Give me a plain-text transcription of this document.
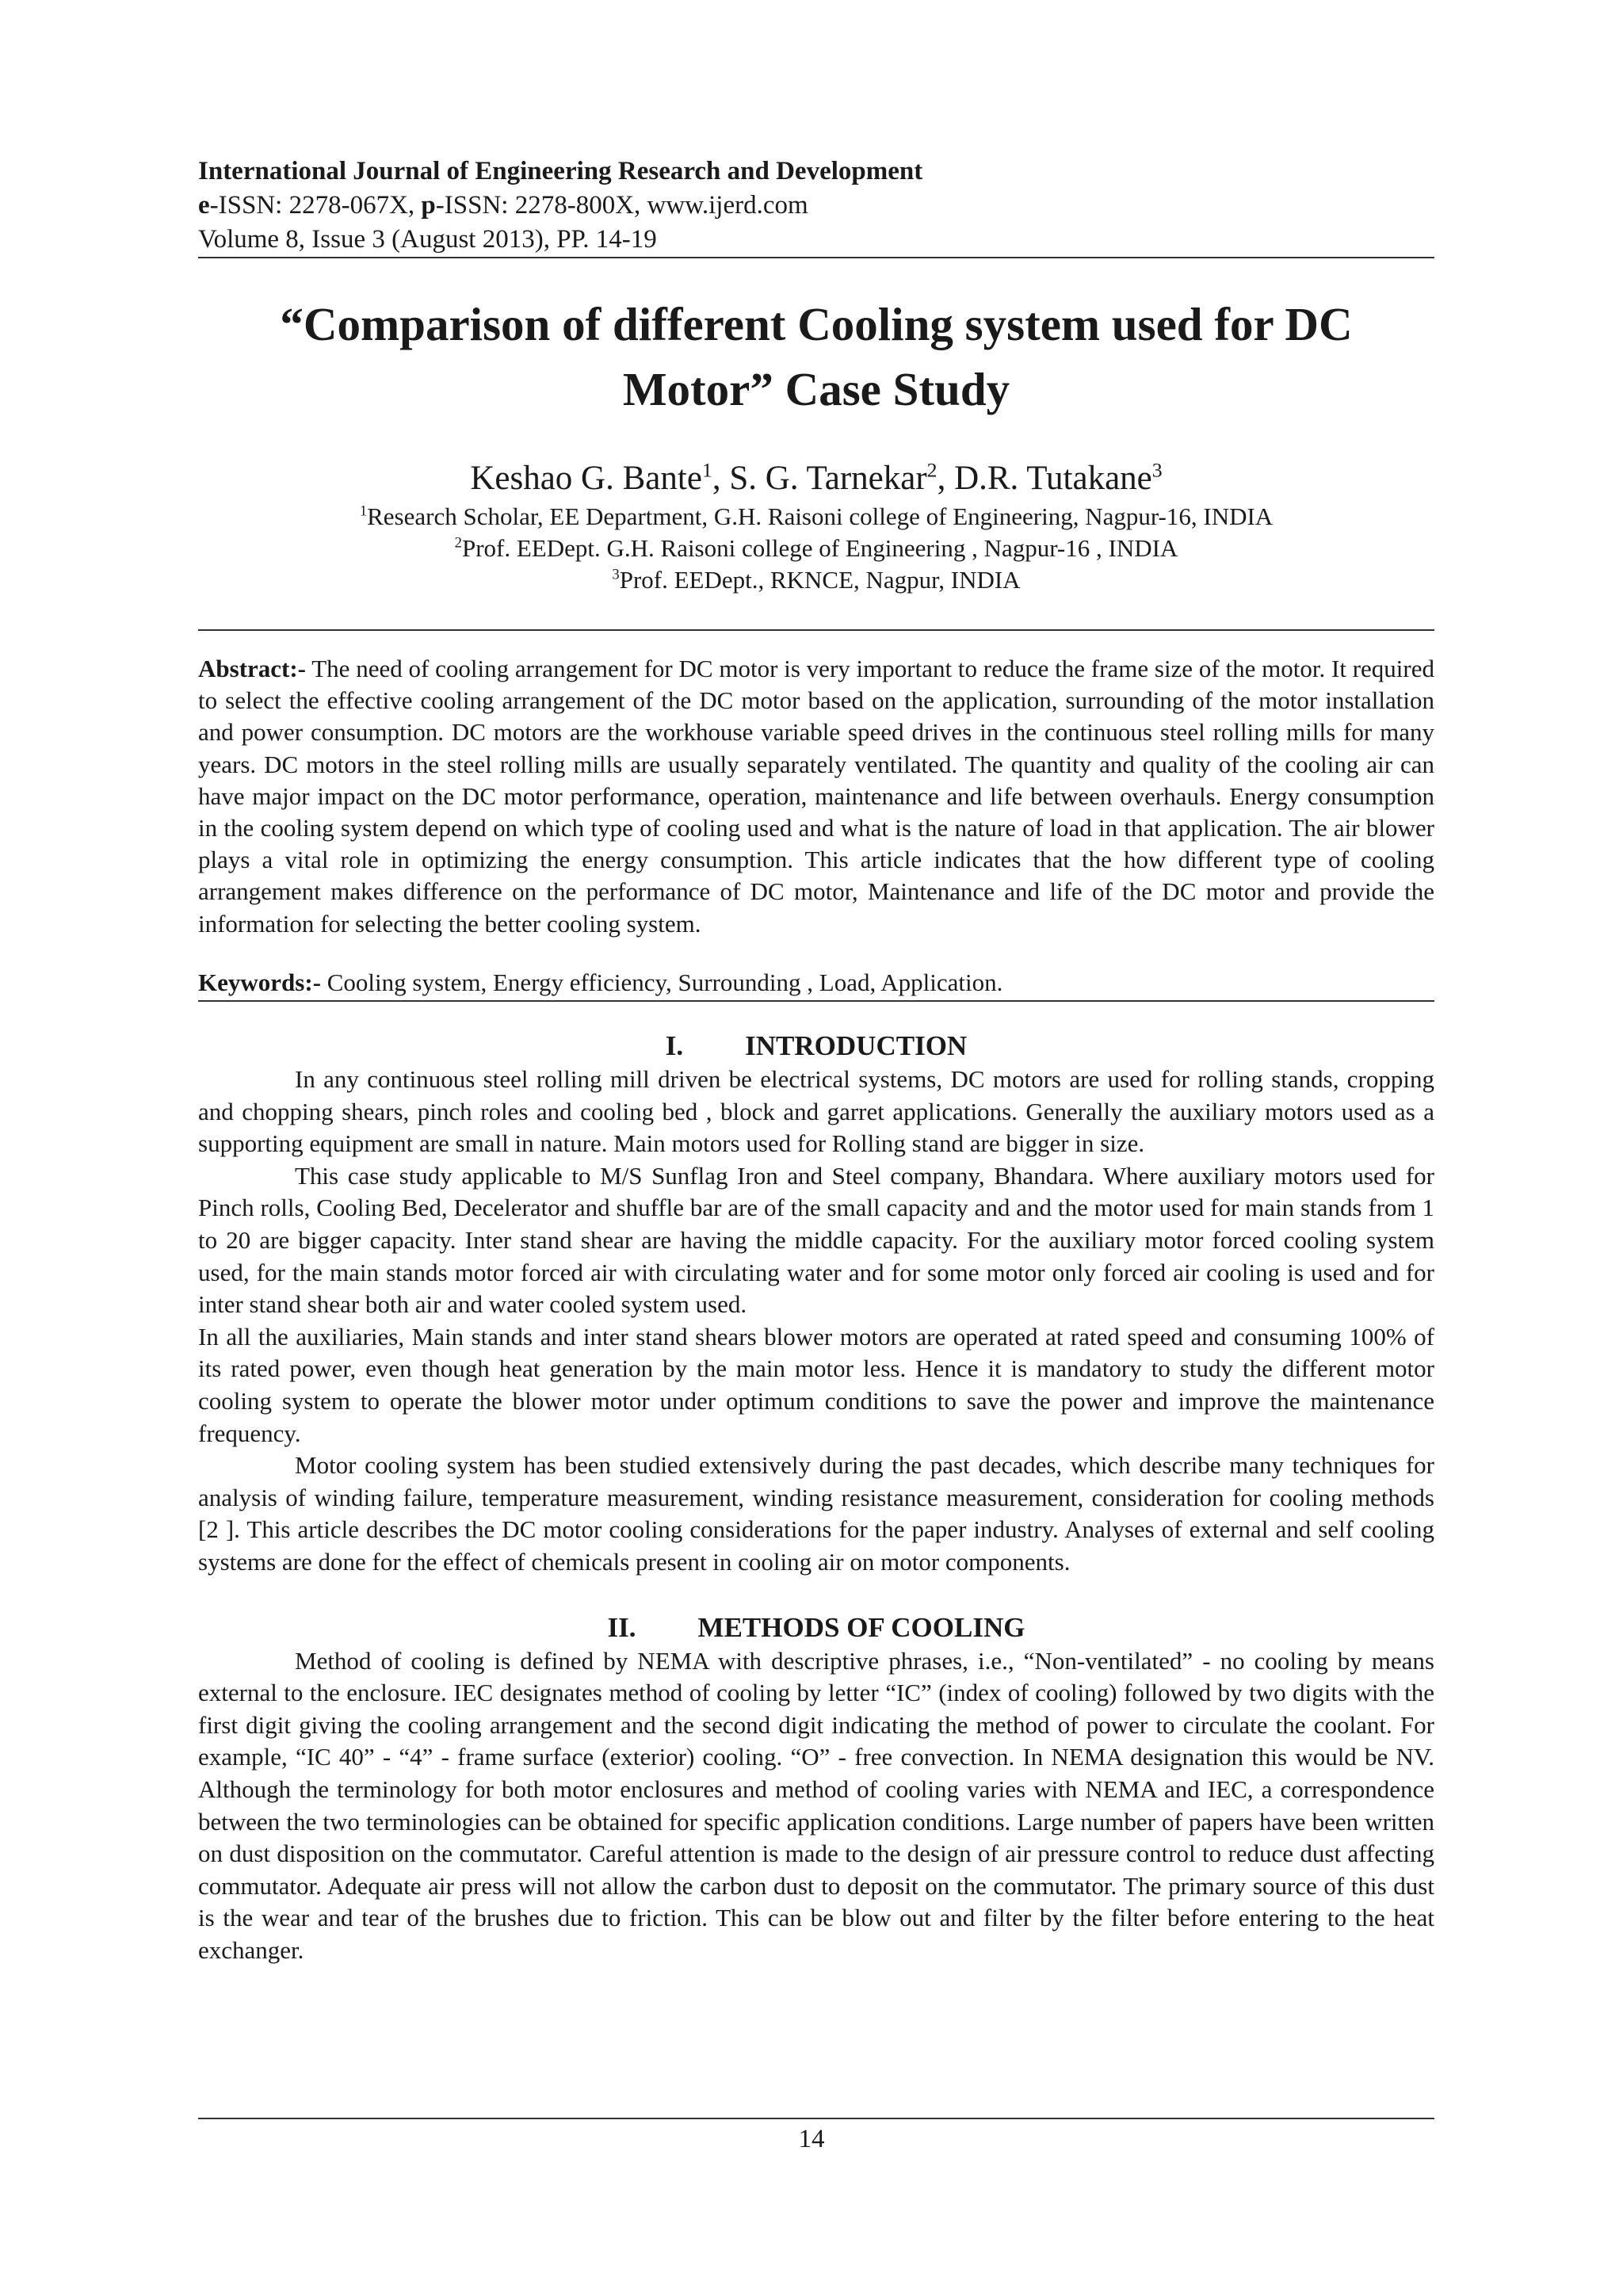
International Journal of Engineering Research and Development
e-ISSN: 2278-067X, p-ISSN: 2278-800X, www.ijerd.com
Volume 8, Issue 3 (August 2013), PP. 14-19
“Comparison of different Cooling system used for DC
Motor” Case Study
Keshao G. Bante$^1$, S. G. Tarnekar$^2$, D.R. Tutakane$^3$
$^1$Research Scholar, EE Department, G.H. Raisoni college of Engineering, Nagpur-16, INDIA
$^2$Prof. EEDept. G.H. Raisoni college of Engineering , Nagpur-16 , INDIA
$^3$Prof. EEDept., RKNCE, Nagpur, INDIA
Abstract:- The need of cooling arrangement for DC motor is very important to reduce the frame size of the motor. It required to select the effective cooling arrangement of the DC motor based on the application, surrounding of the motor installation and power consumption. DC motors are the workhouse variable speed drives in the continuous steel rolling mills for many years. DC motors in the steel rolling mills are usually separately ventilated. The quantity and quality of the cooling air can have major impact on the DC motor performance, operation, maintenance and life between overhauls. Energy consumption in the cooling system depend on which type of cooling used and what is the nature of load in that application. The air blower plays a vital role in optimizing the energy consumption. This article indicates that the how different type of cooling arrangement makes difference on the performance of DC motor, Maintenance and life of the DC motor and provide the information for selecting the better cooling system.
Keywords:- Cooling system, Energy efficiency, Surrounding , Load, Application.
I. INTRODUCTION

In any continuous steel rolling mill driven be electrical systems, DC motors are used for rolling stands, cropping and chopping shears, pinch roles and cooling bed , block and garret applications. Generally the auxiliary motors used as a supporting equipment are small in nature. Main motors used for Rolling stand are bigger in size.

This case study applicable to M/S Sunflag Iron and Steel company, Bhandara. Where auxiliary motors used for Pinch rolls, Cooling Bed, Decelerator and shuffle bar are of the small capacity and and the motor used for main stands from 1 to 20 are bigger capacity. Inter stand shear are having the middle capacity. For the auxiliary motor forced cooling system used, for the main stands motor forced air with circulating water and for some motor only forced air cooling is used and for inter stand shear both air and water cooled system used.

In all the auxiliaries, Main stands and inter stand shears blower motors are operated at rated speed and consuming 100% of its rated power, even though heat generation by the main motor less. Hence it is mandatory to study the different motor cooling system to operate the blower motor under optimum conditions to save the power and improve the maintenance frequency.

Motor cooling system has been studied extensively during the past decades, which describe many techniques for analysis of winding failure, temperature measurement, winding resistance measurement, consideration for cooling methods [2 ]. This article describes the DC motor cooling considerations for the paper industry. Analyses of external and self cooling systems are done for the effect of chemicals present in cooling air on motor components.

II. METHODS OF COOLING

Method of cooling is defined by NEMA with descriptive phrases, i.e., “Non-ventilated” - no cooling by means external to the enclosure. IEC designates method of cooling by letter “IC” (index of cooling) followed by two digits with the first digit giving the cooling arrangement and the second digit indicating the method of power to circulate the coolant. For example, “IC 40” - “4” - frame surface (exterior) cooling. “O” - free convection. In NEMA designation this would be NV. Although the terminology for both motor enclosures and method of cooling varies with NEMA and IEC, a correspondence between the two terminologies can be obtained for specific application conditions. Large number of papers have been written on dust disposition on the commutator. Careful attention is made to the design of air pressure control to reduce dust affecting commutator. Adequate air press will not allow the carbon dust to deposit on the commutator. The primary source of this dust is the wear and tear of the brushes due to friction. This can be blow out and filter by the filter before entering to the heat exchanger.

14
